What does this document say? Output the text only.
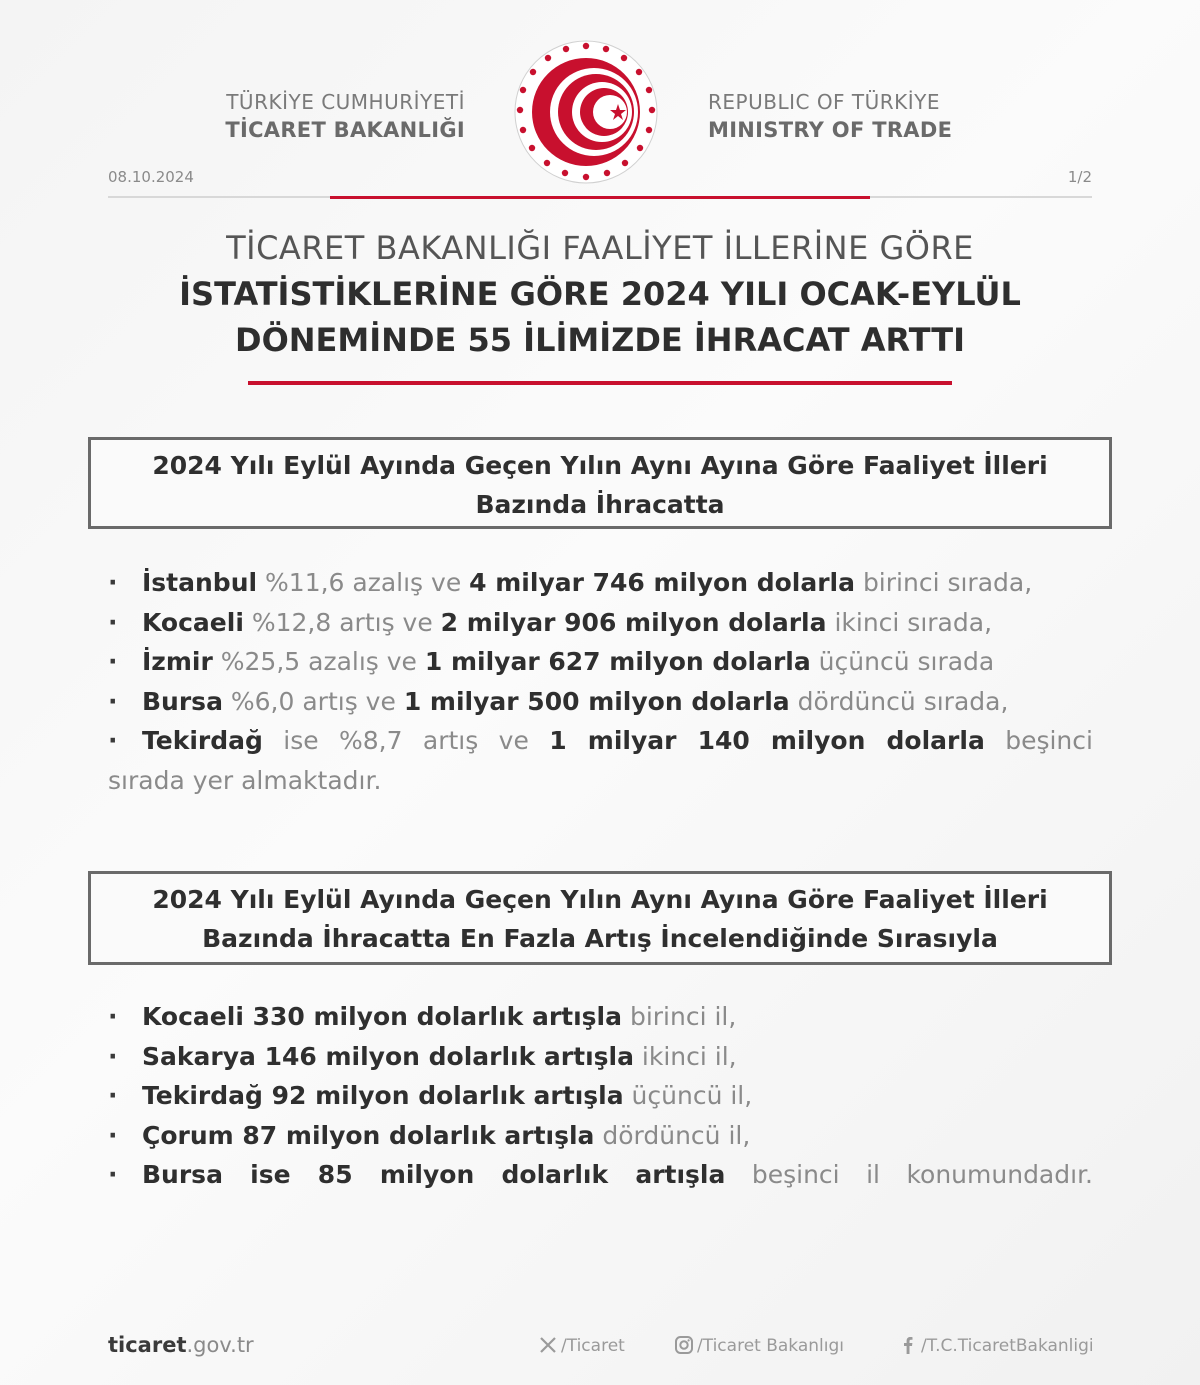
TÜRKİYE CUMHURİYETİ
TİCARET BAKANLIĞI
REPUBLIC OF TÜRKİYE
MINISTRY OF TRADE
08.10.2024	1/2
TİCARET BAKANLIĞI FAALİYET İLLERİNE GÖRE
İSTATİSTİKLERİNE GÖRE 2024 YILI OCAK-EYLÜL
DÖNEMİNDE 55 İLİMİZDE İHRACAT ARTTI
2024 Yılı Eylül Ayında Geçen Yılın Aynı Ayına Göre Faaliyet İlleri
Bazında İhracatta
· İstanbul %11,6 azalış ve 4 milyar 746 milyon dolarla birinci sırada,
· Kocaeli %12,8 artış ve 2 milyar 906 milyon dolarla ikinci sırada,
· İzmir %25,5 azalış ve 1 milyar 627 milyon dolarla üçüncü sırada
· Bursa %6,0 artış ve 1 milyar 500 milyon dolarla dördüncü sırada,
· Tekirdağ ise %8,7 artış ve 1 milyar 140 milyon dolarla beşinci
sırada yer almaktadır.
2024 Yılı Eylül Ayında Geçen Yılın Aynı Ayına Göre Faaliyet İlleri
Bazında İhracatta En Fazla Artış İncelendiğinde Sırasıyla
· Kocaeli 330 milyon dolarlık artışla birinci il,
· Sakarya 146 milyon dolarlık artışla ikinci il,
· Tekirdağ 92 milyon dolarlık artışla üçüncü il,
· Çorum 87 milyon dolarlık artışla dördüncü il,
· Bursa ise 85 milyon dolarlık artışla beşinci il konumundadır.
ticaret.gov.tr	/Ticaret	/Ticaret Bakanlıgı	/T.C.TicaretBakanligi
